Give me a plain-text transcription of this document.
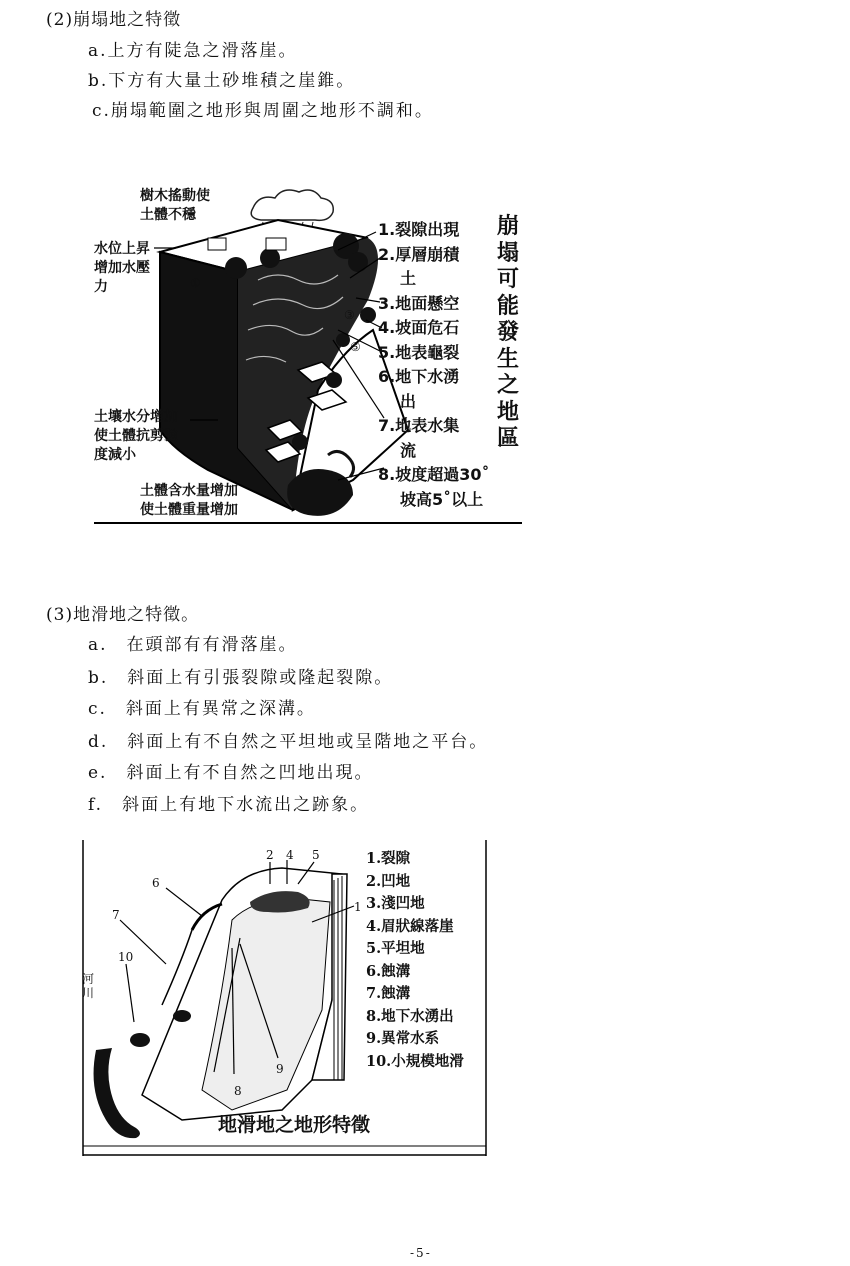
(2)崩塌地之特徵
a.上方有陡急之滑落崖。
b.下方有大量土砂堆積之崖錐。
c.崩塌範圍之地形與周圍之地形不調和。
①
③
⑤
樹木搖動使
土體不穩
水位上昇
增加水壓
力
土壤水分增加
使土體抗剪強
度減小
土體含水量增加
使土體重量增加
1.裂隙出現
2.厚層崩積
土
3.地面懸空
4.坡面危石
5.地表龜裂
6.地下水湧
出
7.地表水集
流
8.坡度超過30˚
坡高5˚以上
崩
塌
可
能
發
生
之
地
區
(3)地滑地之特徵。
a.　在頭部有有滑落崖。
b.　斜面上有引張裂隙或隆起裂隙。
c.　斜面上有異常之深溝。
d.　斜面上有不自然之平坦地或呈階地之平台。
e.　斜面上有不自然之凹地出現。
f.　斜面上有地下水流出之跡象。
2 4 5
6
1
7
10
9
8
河
川
1.裂隙
2.凹地
3.淺凹地
4.眉狀線落崖
5.平坦地
6.蝕溝
7.蝕溝
8.地下水湧出
9.異常水系
10.小規模地滑
地滑地之地形特徵
-5-
